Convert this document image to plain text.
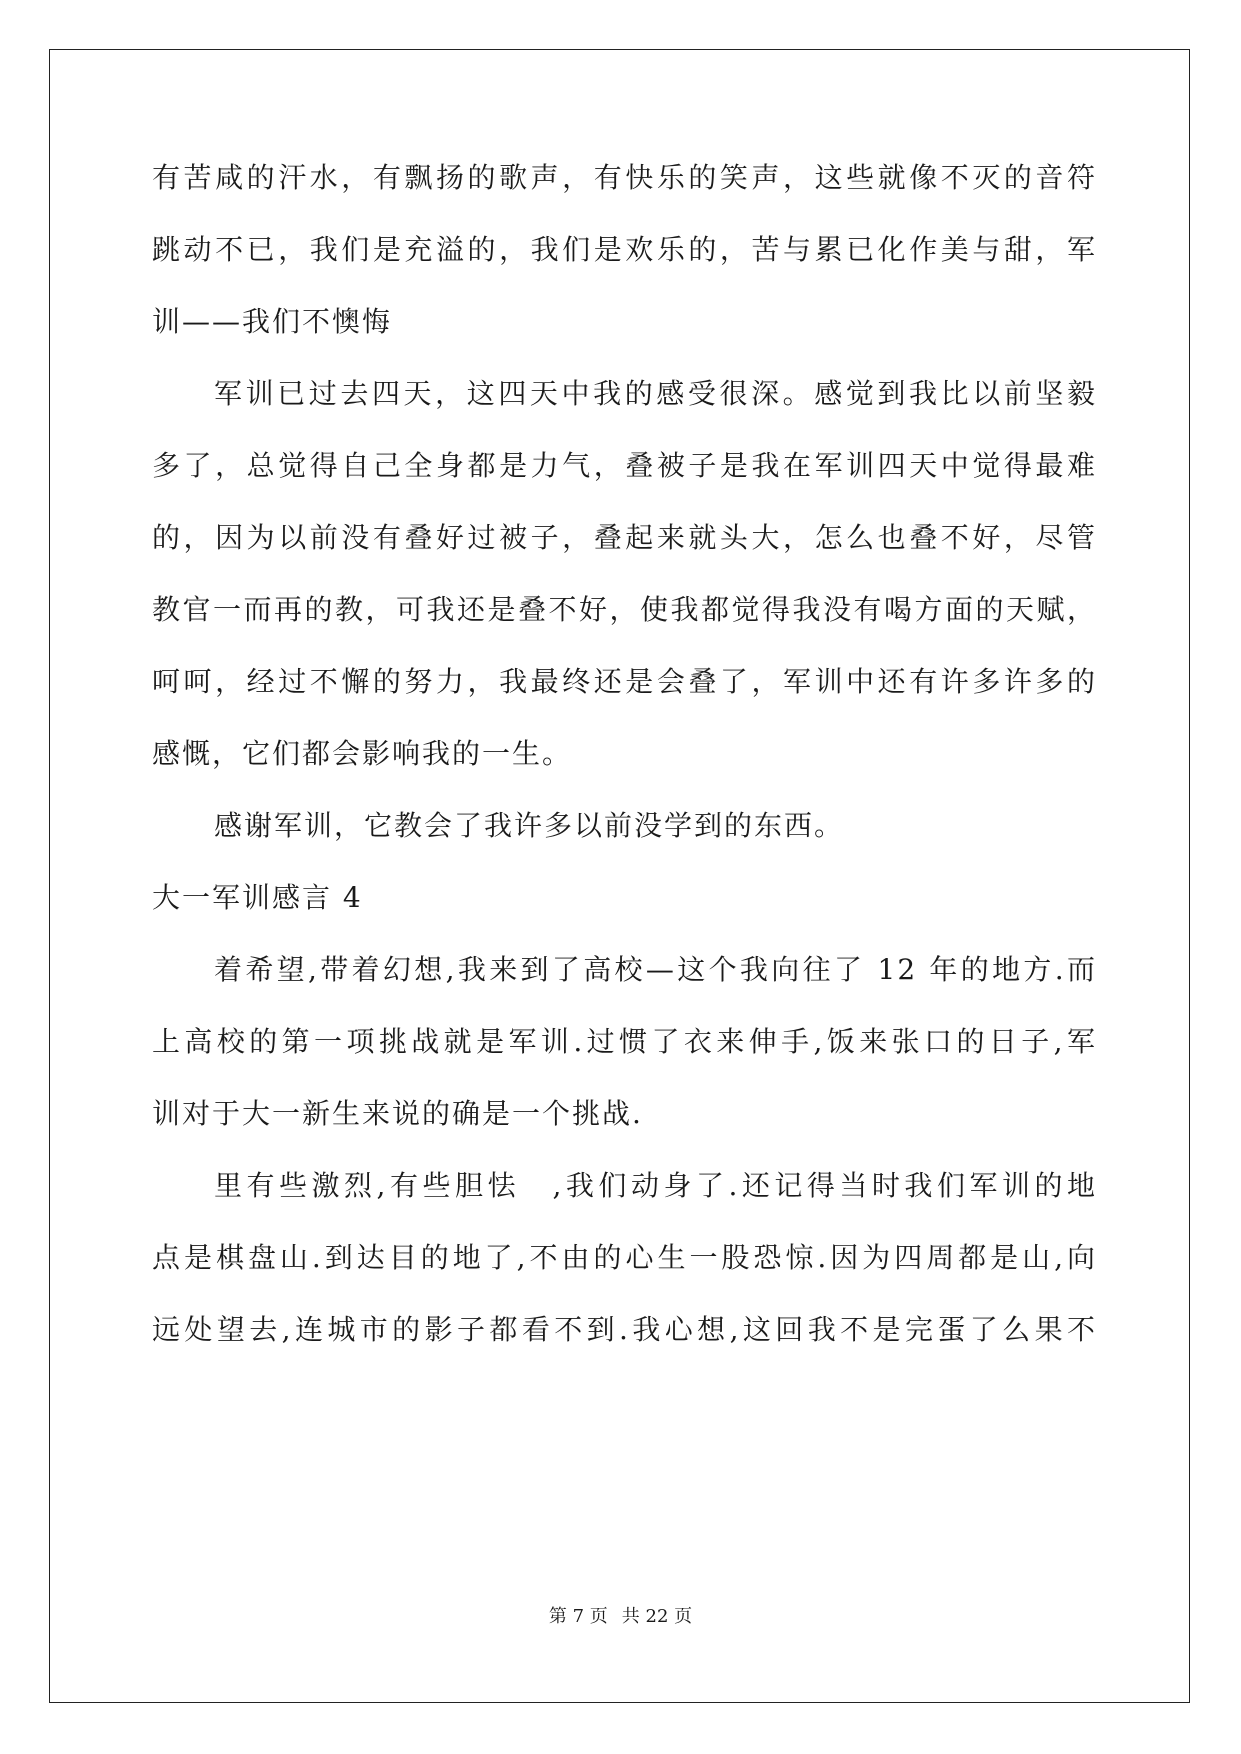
有苦咸的汗水，有飘扬的歌声，有快乐的笑声，这些就像不灭的音符
跳动不已，我们是充溢的，我们是欢乐的，苦与累已化作美与甜，军
训——我们不懊悔
军训已过去四天，这四天中我的感受很深。感觉到我比以前坚毅
多了，总觉得自己全身都是力气，叠被子是我在军训四天中觉得最难
的，因为以前没有叠好过被子，叠起来就头大，怎么也叠不好，尽管
教官一而再的教，可我还是叠不好，使我都觉得我没有喝方面的天赋，
呵呵，经过不懈的努力，我最终还是会叠了，军训中还有许多许多的
感慨，它们都会影响我的一生。
感谢军训，它教会了我许多以前没学到的东西。
大一军训感言 4
着希望,带着幻想,我来到了高校—这个我向往了 12 年的地方.而
上高校的第一项挑战就是军训.过惯了衣来伸手,饭来张口的日子,军
训对于大一新生来说的确是一个挑战.
里有些激烈,有些胆怯　,我们动身了.还记得当时我们军训的地
点是棋盘山.到达目的地了,不由的心生一股恐惊.因为四周都是山,向
远处望去,连城市的影子都看不到.我心想,这回我不是完蛋了么果不
第 7 页 共 22 页
